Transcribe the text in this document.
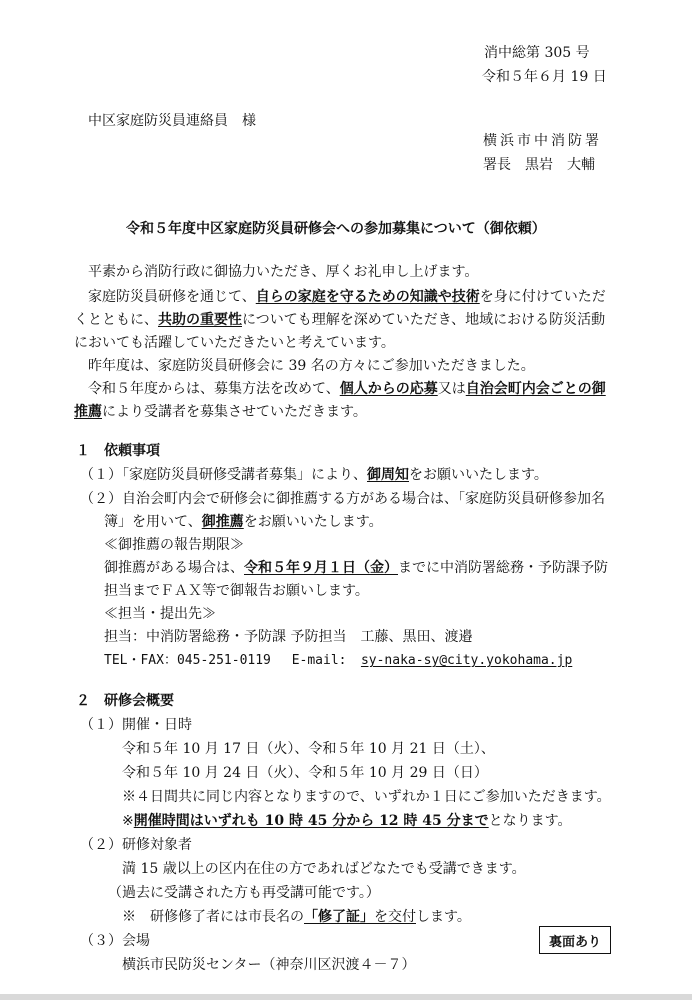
消中総第 305 号
令和５年６月 19 日
中区家庭防災員連絡員　様
横浜市中消防署
署長　黒岩　大輔
令和５年度中区家庭防災員研修会への参加募集について（御依頼）
平素から消防行政に御協力いただき、厚くお礼申し上げます。
家庭防災員研修を通じて、自らの家庭を守るための知識や技術を身に付けていただ
くとともに、共助の重要性についても理解を深めていただき、地域における防災活動
においても活躍していただきたいと考えています。
昨年度は、家庭防災員研修会に 39 名の方々にご参加いただきました。
令和５年度からは、募集方法を改めて、個人からの応募又は自治会町内会ごとの御
推薦により受講者を募集させていただきます。
１　依頼事項
（１）「家庭防災員研修受講者募集」により、御周知をお願いいたします。
（２）自治会町内会で研修会に御推薦する方がある場合は、「家庭防災員研修参加名
簿」を用いて、御推薦をお願いいたします。
≪御推薦の報告期限≫
御推薦がある場合は、令和５年９月１日（金）までに中消防署総務・予防課予防
担当までＦＡＸ等で御報告お願いします。
≪担当・提出先≫
担当：中消防署総務・予防課 予防担当　工藤、黒田、渡邉
TEL・FAX：045-251-0119　 E-mail: sy-naka-sy@city.yokohama.jp
２　研修会概要
（１）開催・日時
令和５年 10 月 17 日（火）、令和５年 10 月 21 日（土）、
令和５年 10 月 24 日（火）、令和５年 10 月 29 日（日）
※４日間共に同じ内容となりますので、いずれか１日にご参加いただきます。
※開催時間はいずれも 10 時 45 分から 12 時 45 分までとなります。
（２）研修対象者
満 15 歳以上の区内在住の方であればどなたでも受講できます。
（過去に受講された方も再受講可能です。）
※　研修修了者には市長名の「修了証」を交付します。
（３）会場
横浜市民防災センター（神奈川区沢渡４－７）
裏面あり
